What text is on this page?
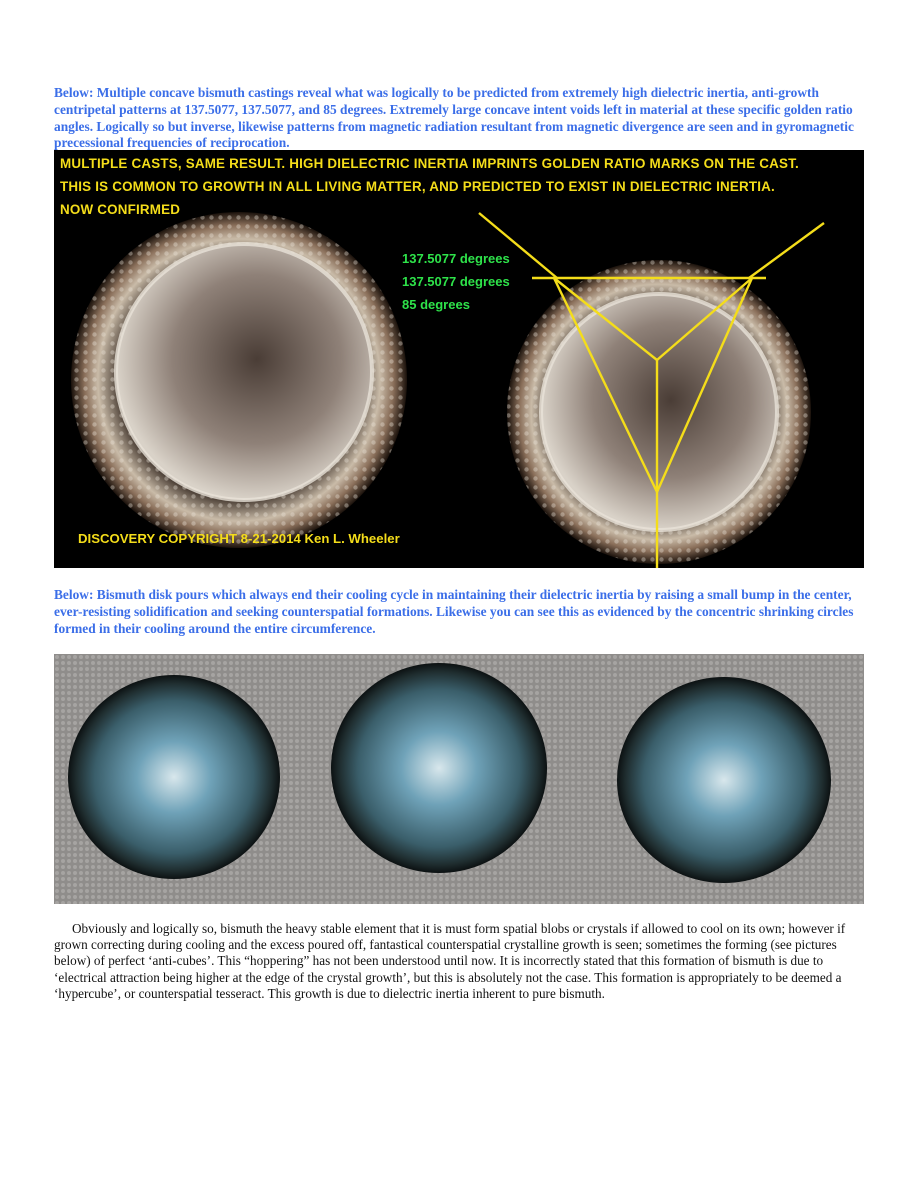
Below: Multiple concave bismuth castings reveal what was logically to be predicted from extremely high dielectric inertia, anti-growth centripetal patterns at 137.5077, 137.5077, and 85 degrees. Extremely large concave intent voids left in material at these specific golden ratio angles. Logically so but inverse, likewise patterns from magnetic radiation resultant from magnetic divergence are seen and in gyromagnetic precessional frequencies of reciprocation.

MULTIPLE CASTS, SAME RESULT. HIGH DIELECTRIC INERTIA IMPRINTS GOLDEN RATIO MARKS ON THE CAST.

THIS IS COMMON TO GROWTH IN ALL LIVING MATTER, AND PREDICTED TO EXIST IN DIELECTRIC INERTIA.

NOW CONFIRMED

137.5077 degrees

137.5077 degrees

85 degrees

DISCOVERY COPYRIGHT 8-21-2014 Ken L. Wheeler

Below: Bismuth disk pours which always end their cooling cycle in maintaining their dielectric inertia by raising a small bump in the center, ever-resisting solidification and seeking counterspatial formations. Likewise you can see this as evidenced by the concentric shrinking circles formed in their cooling around the entire circumference.

Obviously and logically so, bismuth the heavy stable element that it is must form spatial blobs or crystals if allowed to cool on its own; however if grown correcting during cooling and the excess poured off, fantastical counterspatial crystalline growth is seen; sometimes the forming (see pictures below) of perfect ‘anti-cubes’. This “hoppering” has not been understood until now. It is incorrectly stated that this formation of bismuth is due to ‘electrical attraction being higher at the edge of the crystal growth’, but this is absolutely not the case. This formation is appropriately to be deemed a ‘hypercube’, or counterspatial tesseract. This growth is due to dielectric inertia inherent to pure bismuth.
